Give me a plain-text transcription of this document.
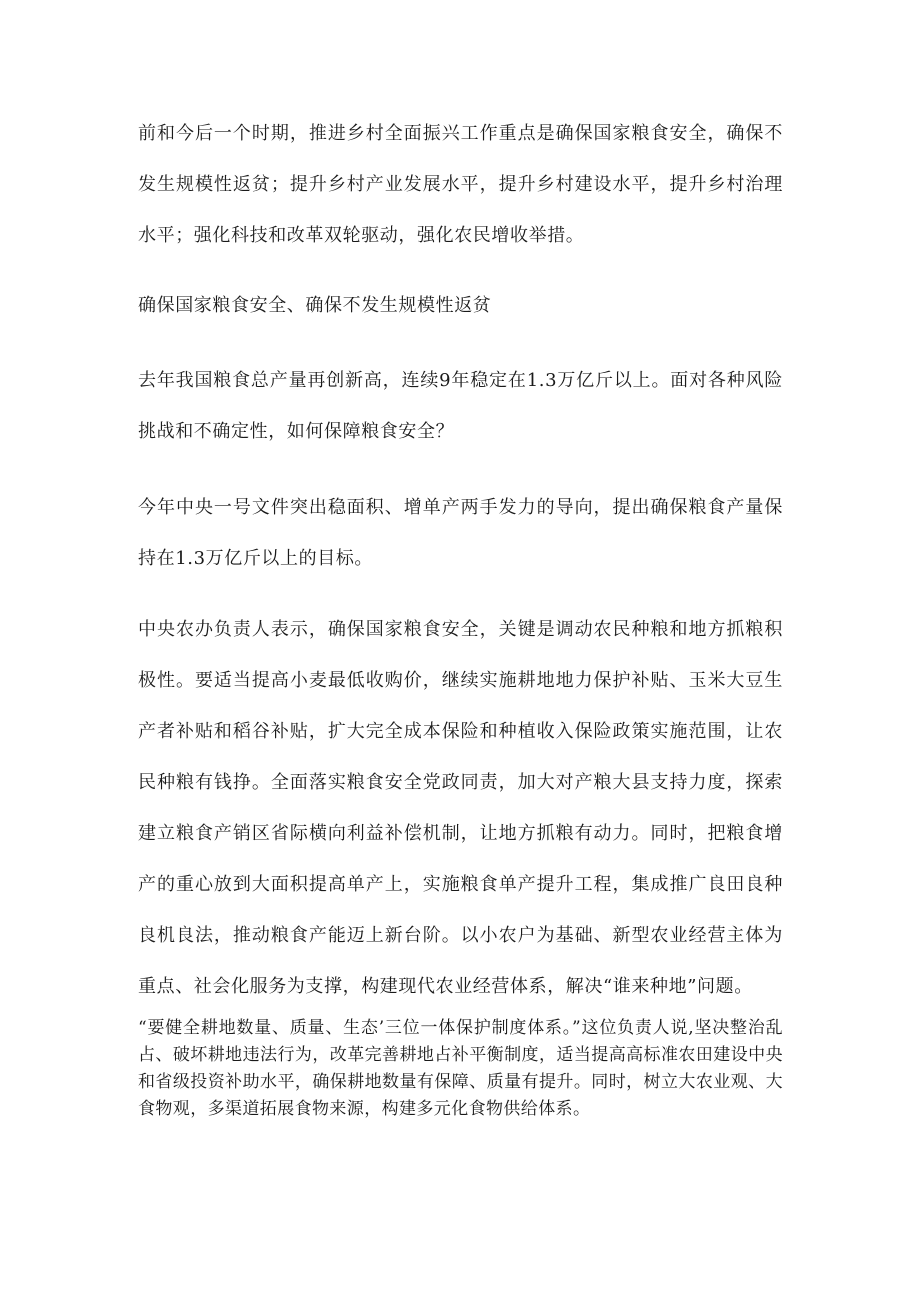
前和今后一个时期，推进乡村全面振兴工作重点是确保国家粮食安全，确保不发生规模性返贫；提升乡村产业发展水平，提升乡村建设水平，提升乡村治理水平；强化科技和改革双轮驱动，强化农民增收举措。

确保国家粮食安全、确保不发生规模性返贫

去年我国粮食总产量再创新高，连续9年稳定在1.3万亿斤以上。面对各种风险挑战和不确定性，如何保障粮食安全？

今年中央一号文件突出稳面积、增单产两手发力的导向，提出确保粮食产量保持在1.3万亿斤以上的目标。

中央农办负责人表示，确保国家粮食安全，关键是调动农民种粮和地方抓粮积极性。要适当提高小麦最低收购价，继续实施耕地地力保护补贴、玉米大豆生产者补贴和稻谷补贴，扩大完全成本保险和种植收入保险政策实施范围，让农民种粮有钱挣。全面落实粮食安全党政同责，加大对产粮大县支持力度，探索建立粮食产销区省际横向利益补偿机制，让地方抓粮有动力。同时，把粮食增产的重心放到大面积提高单产上，实施粮食单产提升工程，集成推广良田良种良机良法，推动粮食产能迈上新台阶。以小农户为基础、新型农业经营主体为重点、社会化服务为支撑，构建现代农业经营体系，解决“谁来种地”问题。

“要健全耕地数量、质量、生态’三位一体保护制度体系。”这位负责人说,坚决整治乱占、破坏耕地违法行为，改革完善耕地占补平衡制度，适当提高高标准农田建设中央和省级投资补助水平，确保耕地数量有保障、质量有提升。同时，树立大农业观、大食物观，多渠道拓展食物来源，构建多元化食物供给体系。
